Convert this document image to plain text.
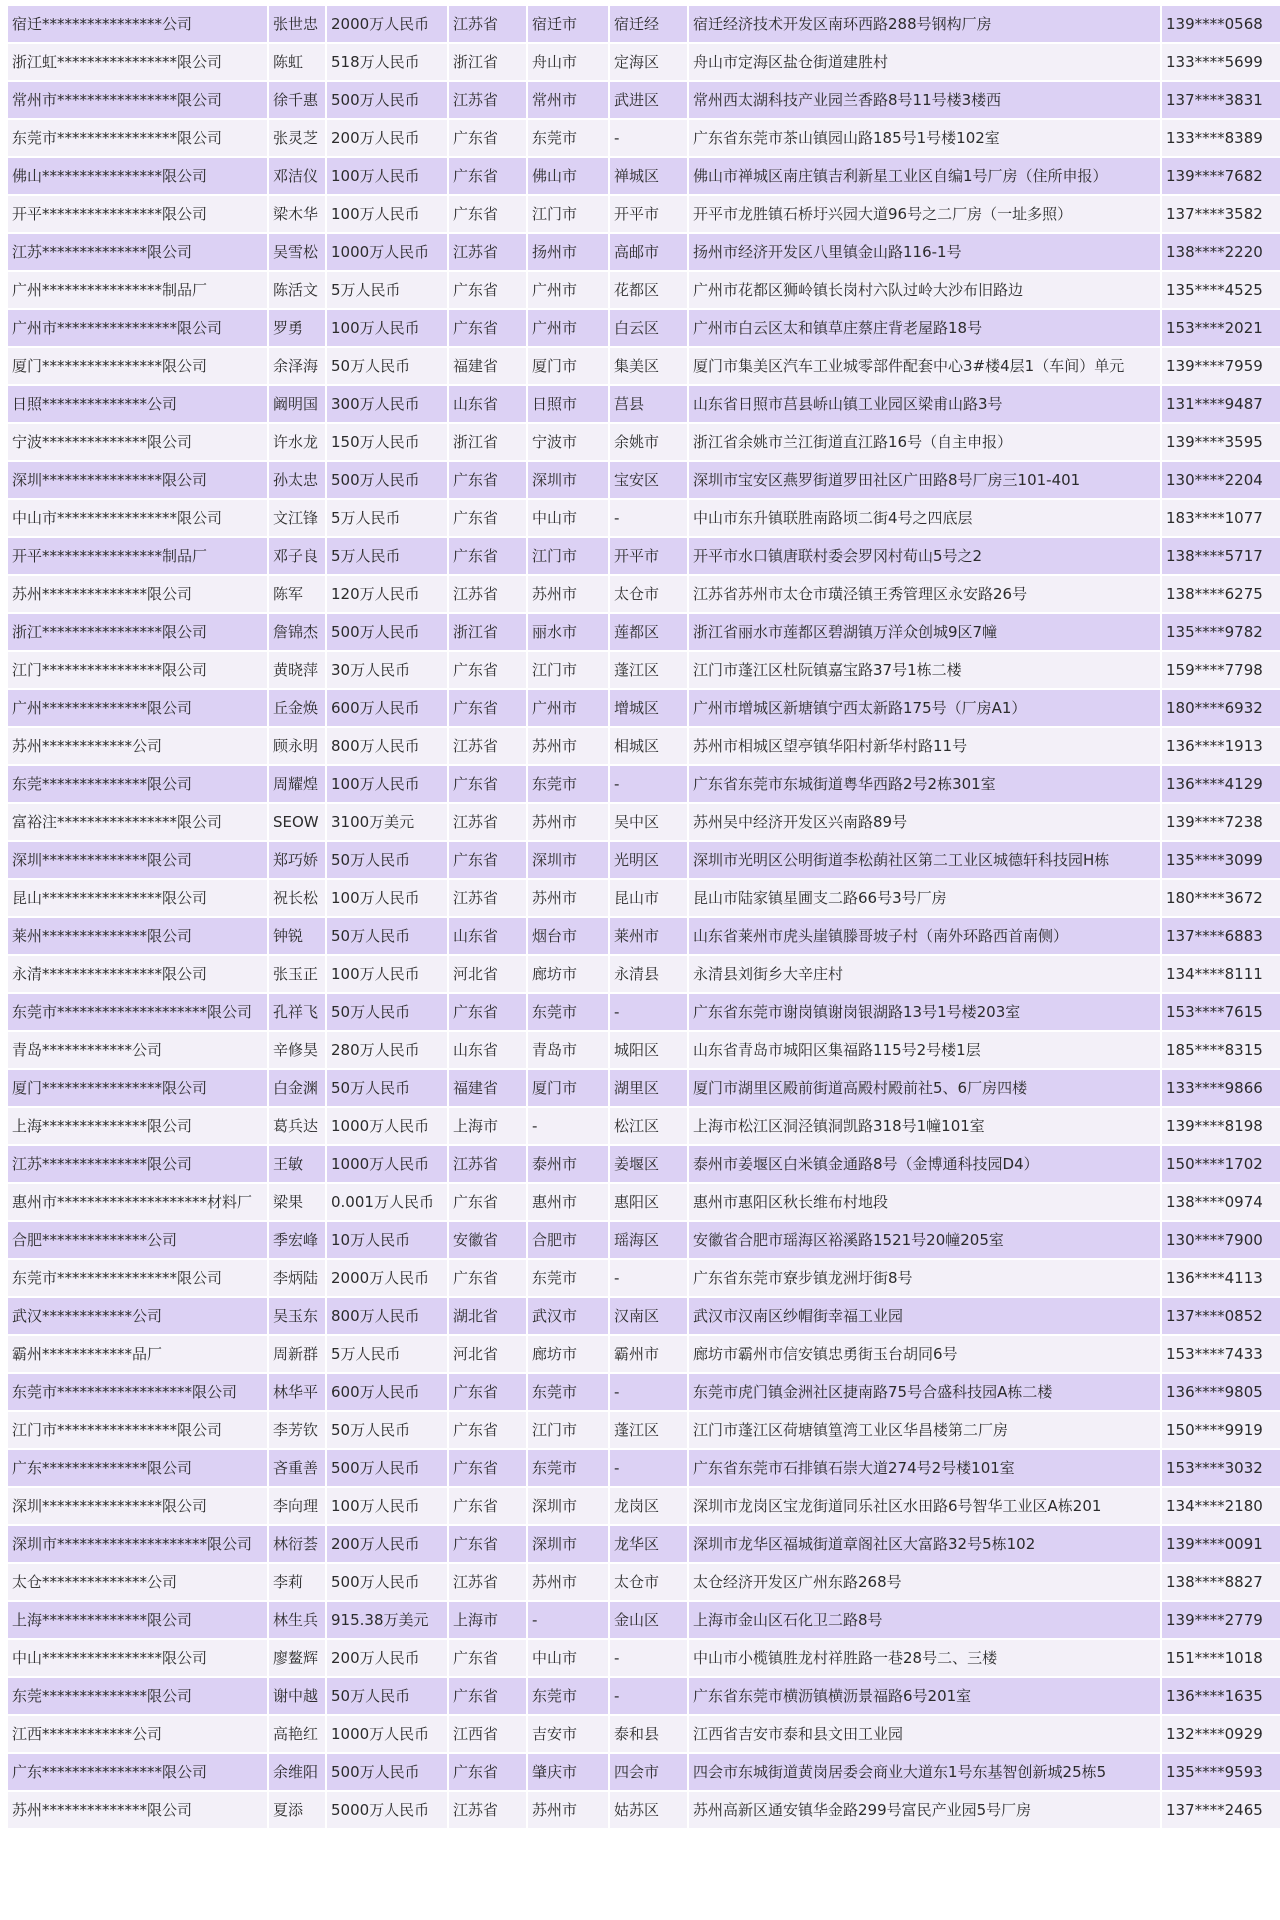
宿迁****************公司	张世忠	2000万人民币	江苏省	宿迁市	宿迁经	宿迁经济技术开发区南环西路288号钢构厂房	139****0568
浙江虹****************限公司	陈虹	518万人民币	浙江省	舟山市	定海区	舟山市定海区盐仓街道建胜村	133****5699
常州市****************限公司	徐千惠	500万人民币	江苏省	常州市	武进区	常州西太湖科技产业园兰香路8号11号楼3楼西	137****3831
东莞市****************限公司	张灵芝	200万人民币	广东省	东莞市	-	广东省东莞市茶山镇园山路185号1号楼102室	133****8389
佛山****************限公司	邓洁仪	100万人民币	广东省	佛山市	禅城区	佛山市禅城区南庄镇吉利新星工业区自编1号厂房（住所申报）	139****7682
开平****************限公司	梁木华	100万人民币	广东省	江门市	开平市	开平市龙胜镇石桥圩兴园大道96号之二厂房（一址多照）	137****3582
江苏**************限公司	吴雪松	1000万人民币	江苏省	扬州市	高邮市	扬州市经济开发区八里镇金山路116-1号	138****2220
广州****************制品厂	陈活文	5万人民币	广东省	广州市	花都区	广州市花都区狮岭镇长岗村六队过岭大沙布旧路边	135****4525
广州市****************限公司	罗勇	100万人民币	广东省	广州市	白云区	广州市白云区太和镇草庄蔡庄背老屋路18号	153****2021
厦门****************限公司	余泽海	50万人民币	福建省	厦门市	集美区	厦门市集美区汽车工业城零部件配套中心3#楼4层1（车间）单元	139****7959
日照**************公司	阚明国	300万人民币	山东省	日照市	莒县	山东省日照市莒县峤山镇工业园区梁甫山路3号	131****9487
宁波**************限公司	许水龙	150万人民币	浙江省	宁波市	余姚市	浙江省余姚市兰江街道直江路16号（自主申报）	139****3595
深圳****************限公司	孙太忠	500万人民币	广东省	深圳市	宝安区	深圳市宝安区燕罗街道罗田社区广田路8号厂房三101-401	130****2204
中山市****************限公司	文江锋	5万人民币	广东省	中山市	-	中山市东升镇联胜南路顷二街4号之四底层	183****1077
开平****************制品厂	邓子良	5万人民币	广东省	江门市	开平市	开平市水口镇唐联村委会罗冈村荀山5号之2	138****5717
苏州**************限公司	陈军	120万人民币	江苏省	苏州市	太仓市	江苏省苏州市太仓市璜泾镇王秀管理区永安路26号	138****6275
浙江****************限公司	詹锦杰	500万人民币	浙江省	丽水市	莲都区	浙江省丽水市莲都区碧湖镇万洋众创城9区7幢	135****9782
江门****************限公司	黄晓萍	30万人民币	广东省	江门市	蓬江区	江门市蓬江区杜阮镇嘉宝路37号1栋二楼	159****7798
广州**************限公司	丘金焕	600万人民币	广东省	广州市	增城区	广州市增城区新塘镇宁西太新路175号（厂房A1）	180****6932
苏州************公司	顾永明	800万人民币	江苏省	苏州市	相城区	苏州市相城区望亭镇华阳村新华村路11号	136****1913
东莞**************限公司	周耀煌	100万人民币	广东省	东莞市	-	广东省东莞市东城街道粤华西路2号2栋301室	136****4129
富裕注****************限公司	SEOW	3100万美元	江苏省	苏州市	吴中区	苏州吴中经济开发区兴南路89号	139****7238
深圳**************限公司	郑巧娇	50万人民币	广东省	深圳市	光明区	深圳市光明区公明街道李松蓢社区第二工业区城德轩科技园H栋	135****3099
昆山****************限公司	祝长松	100万人民币	江苏省	苏州市	昆山市	昆山市陆家镇星圃支二路66号3号厂房	180****3672
莱州**************限公司	钟锐	50万人民币	山东省	烟台市	莱州市	山东省莱州市虎头崖镇滕哥坡子村（南外环路西首南侧）	137****6883
永清****************限公司	张玉正	100万人民币	河北省	廊坊市	永清县	永清县刘街乡大辛庄村	134****8111
东莞市********************限公司	孔祥飞	50万人民币	广东省	东莞市	-	广东省东莞市谢岗镇谢岗银湖路13号1号楼203室	153****7615
青岛************公司	辛修昊	280万人民币	山东省	青岛市	城阳区	山东省青岛市城阳区集福路115号2号楼1层	185****8315
厦门****************限公司	白金渊	50万人民币	福建省	厦门市	湖里区	厦门市湖里区殿前街道高殿村殿前社5、6厂房四楼	133****9866
上海**************限公司	葛兵达	1000万人民币	上海市	-	松江区	上海市松江区洞泾镇洞凯路318号1幢101室	139****8198
江苏**************限公司	王敏	1000万人民币	江苏省	泰州市	姜堰区	泰州市姜堰区白米镇金通路8号（金博通科技园D4）	150****1702
惠州市********************材料厂	梁果	0.001万人民币	广东省	惠州市	惠阳区	惠州市惠阳区秋长维布村地段	138****0974
合肥**************公司	季宏峰	10万人民币	安徽省	合肥市	瑶海区	安徽省合肥市瑶海区裕溪路1521号20幢205室	130****7900
东莞市****************限公司	李炳陆	2000万人民币	广东省	东莞市	-	广东省东莞市寮步镇龙洲圩街8号	136****4113
武汉************公司	吴玉东	800万人民币	湖北省	武汉市	汉南区	武汉市汉南区纱帽街幸福工业园	137****0852
霸州************品厂	周新群	5万人民币	河北省	廊坊市	霸州市	廊坊市霸州市信安镇忠勇街玉台胡同6号	153****7433
东莞市******************限公司	林华平	600万人民币	广东省	东莞市	-	东莞市虎门镇金洲社区捷南路75号合盛科技园A栋二楼	136****9805
江门市****************限公司	李芳钦	50万人民币	广东省	江门市	蓬江区	江门市蓬江区荷塘镇篁湾工业区华昌楼第二厂房	150****9919
广东**************限公司	吝重善	500万人民币	广东省	东莞市	-	广东省东莞市石排镇石崇大道274号2号楼101室	153****3032
深圳****************限公司	李向理	100万人民币	广东省	深圳市	龙岗区	深圳市龙岗区宝龙街道同乐社区水田路6号智华工业区A栋201	134****2180
深圳市********************限公司	林衍荟	200万人民币	广东省	深圳市	龙华区	深圳市龙华区福城街道章阁社区大富路32号5栋102	139****0091
太仓**************公司	李莉	500万人民币	江苏省	苏州市	太仓市	太仓经济开发区广州东路268号	138****8827
上海**************限公司	林生兵	915.38万美元	上海市	-	金山区	上海市金山区石化卫二路8号	139****2779
中山****************限公司	廖鳌辉	200万人民币	广东省	中山市	-	中山市小榄镇胜龙村祥胜路一巷28号二、三楼	151****1018
东莞**************限公司	谢中越	50万人民币	广东省	东莞市	-	广东省东莞市横沥镇横沥景福路6号201室	136****1635
江西************公司	高艳红	1000万人民币	江西省	吉安市	泰和县	江西省吉安市泰和县文田工业园	132****0929
广东****************限公司	余维阳	500万人民币	广东省	肇庆市	四会市	四会市东城街道黄岗居委会商业大道东1号东基智创新城25栋5	135****9593
苏州**************限公司	夏添	5000万人民币	江苏省	苏州市	姑苏区	苏州高新区通安镇华金路299号富民产业园5号厂房	137****2465
